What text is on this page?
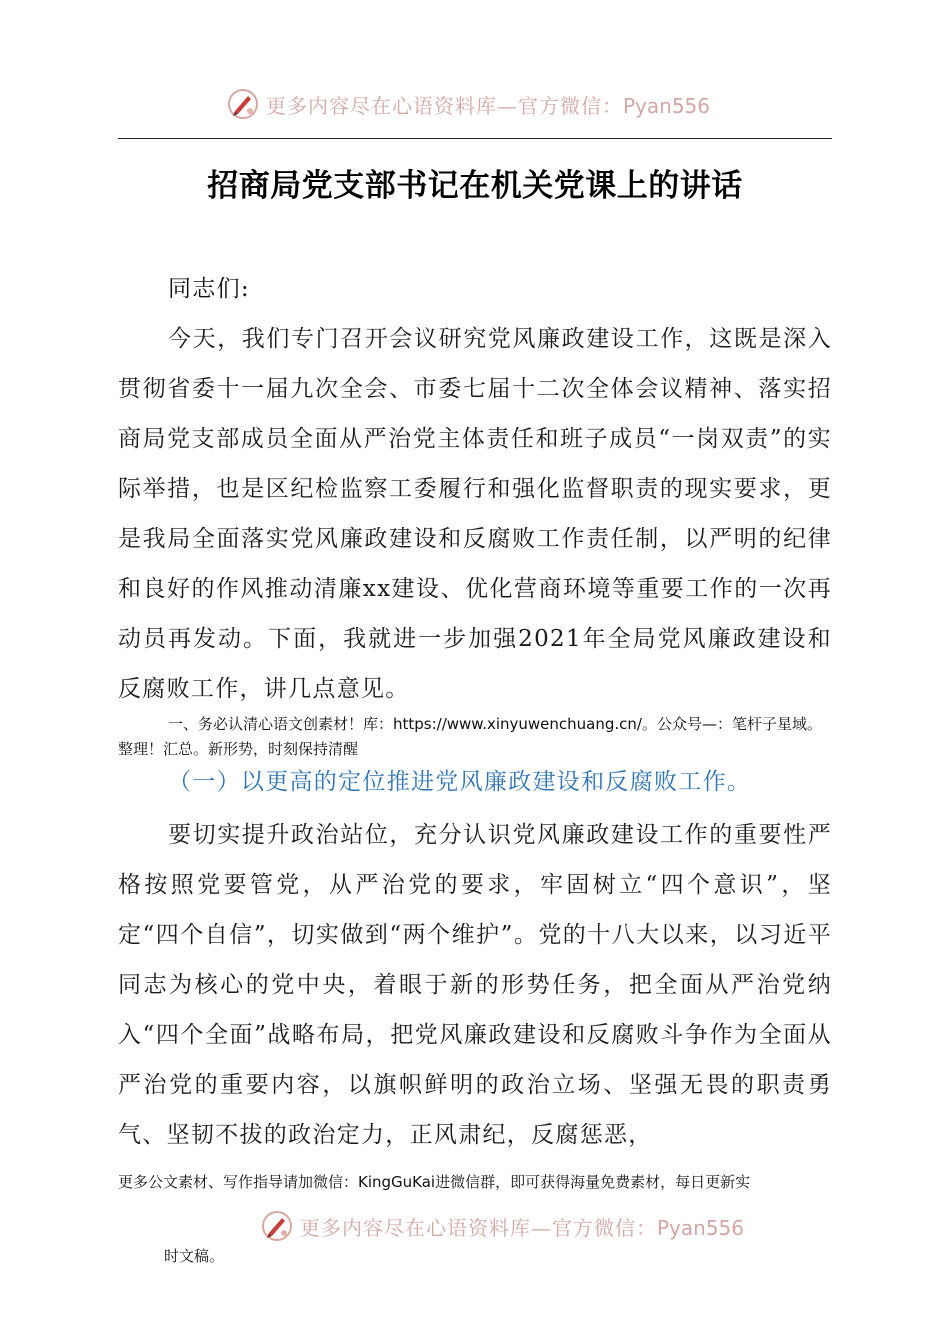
更多内容尽在心语资料库—官方微信：Pyan556
招商局党支部书记在机关党课上的讲话

同志们:

今天，我们专门召开会议研究党风廉政建设工作，这既是深入贯彻省委十一届九次全会、市委七届十二次全体会议精神、落实招商局党支部成员全面从严治党主体责任和班子成员“一岗双责”的实际举措，也是区纪检监察工委履行和强化监督职责的现实要求，更是我局全面落实党风廉政建设和反腐败工作责任制，以严明的纪律和良好的作风推动清廉xx建设、优化营商环境等重要工作的一次再动员再发动。下面，我就进一步加强2021年全局党风廉政建设和反腐败工作，讲几点意见。

一、务必认清心语文创素材！库：https://www.xinyuwenchuang.cn/。公众号—：笔杆子星域。整理！汇总。新形势，时刻保持清醒

（一）以更高的定位推进党风廉政建设和反腐败工作。

要切实提升政治站位，充分认识党风廉政建设工作的重要性严格按照党要管党，从严治党的要求，牢固树立“四个意识”，坚定“四个自信”，切实做到“两个维护”。党的十八大以来，以习近平同志为核心的党中央，着眼于新的形势任务，把全面从严治党纳入“四个全面”战略布局，把党风廉政建设和反腐败斗争作为全面从严治党的重要内容，以旗帜鲜明的政治立场、坚强无畏的职责勇气、坚韧不拔的政治定力，正风肃纪，反腐惩恶，

更多公文素材、写作指导请加微信：KingGuKai进微信群，即可获得海量免费素材，每日更新实

更多内容尽在心语资料库—官方微信：Pyan556

时文稿。
